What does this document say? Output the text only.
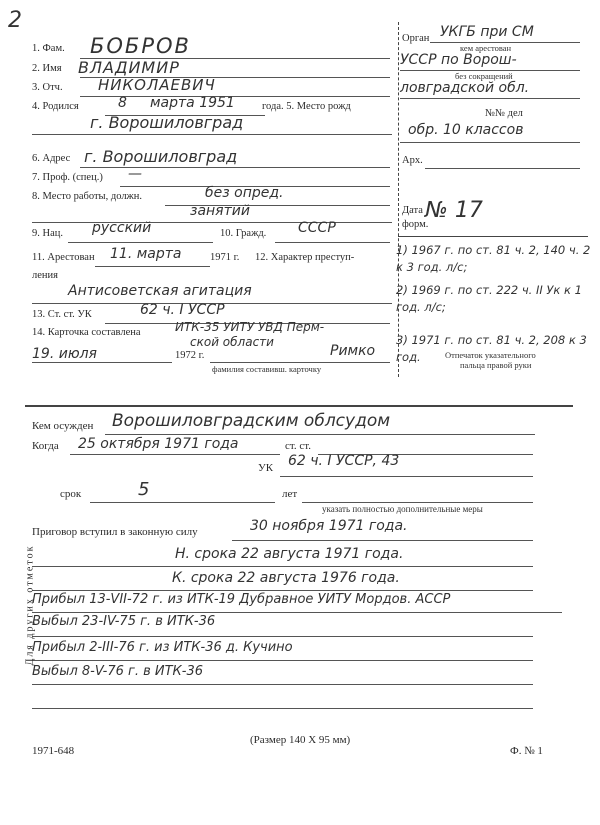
2
1. Фам. БОБРОВ
2. Имя ВЛАДИМИР
3. Отч. НИКОЛАЕВИЧ
4. Родился	8 марта 1951	года. 5. Место рожд
г. Ворошиловград
6. Адрес г. Ворошиловград
7. Проф. (спец.) —
8. Место работы, должн.	без опред.
занятий
9. Нац. русский	10. Гражд. СССР
11. Арестован 11. марта	1971 г. 12. Характер преступ-
ления
Антисоветская агитация
13. Ст. ст. УК	62 ч. I УССР
14. Карточка составлена	ИТК-35 УИТУ УВД Перм-
ской области
19. июля	1972 г.	Римко
фамилия составивш. карточку
Орган УКГБ при СМ
кем арестован
УССР по Ворош-
без сокращений
ловградской обл.
№№ дел
обр. 10 классов
Арх.
Дата
форм.
№ 17
1) 1967 г. по ст. 81 ч. 2, 140 ч. 2 к 3 год. л/с;
2) 1969 г. по ст. 222 ч. II Ук к 1 год. л/с;
3) 1971 г. по ст. 81 ч. 2, 208 к 3 год.	Отпечаток указательного
пальца правой руки
Кем осужден Ворошиловградским облсудом
Когда 25 октября 1971 года	ст. ст.
УК 62 ч. I УССР, 43
срок	5	лет
указать полностью дополнительные меры
Приговор вступил в законную силу	30 ноября 1971 года.
Н. срока 22 августа 1971 года.
К. срока 22 августа 1976 года.
Прибыл 13-VII-72 г. из ИТК-19 Дубравное УИТУ Мордов. АССР
Выбыл 23-IV-75 г. в ИТК-36
Прибыл 2-III-76 г. из ИТК-36 д. Кучино
Выбыл 8-V-76 г. в ИТК-36
Для других отметок
1971-648
(Размер 140 X 95 мм)
Ф. № 1
